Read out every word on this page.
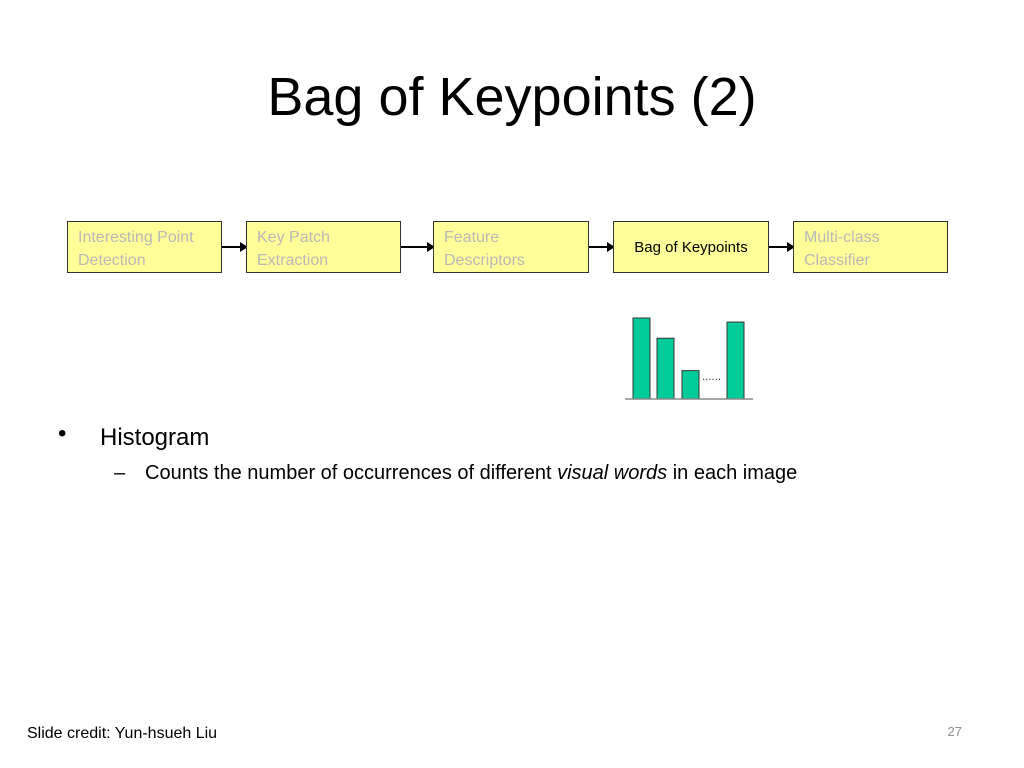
Bag of Keypoints (2)
Interesting Point
Detection
Key Patch
Extraction
Feature
Descriptors
Bag of Keypoints
Multi-class
Classifier
......
• Histogram
– Counts the number of occurrences of different visual words in each image
Slide credit: Yun-hsueh Liu	27
